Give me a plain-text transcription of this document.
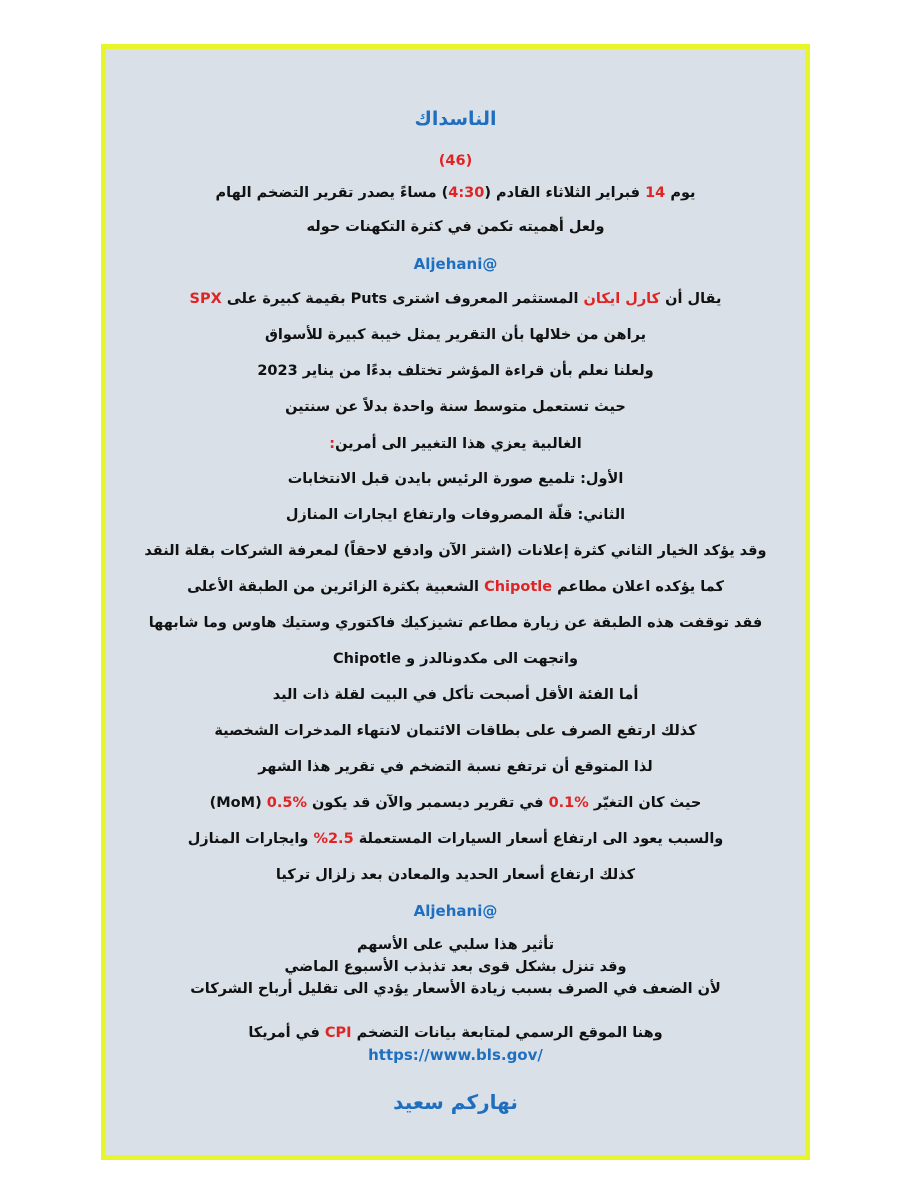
الناسداك
(46)
يوم 14 فبراير الثلاثاء القادم (4:30) مساءً يصدر تقرير التضخم الهام
ولعل أهميته تكمن في كثرة التكهنات حوله
@Aljehani
يقال أن كارل ايكان المستثمر المعروف اشترى Puts بقيمة كبيرة على SPX
يراهن من خلالها بأن التقرير يمثل خيبة كبيرة للأسواق
ولعلنا نعلم بأن قراءة المؤشر تختلف بدءًا من يناير 2023
حيث تستعمل متوسط سنة واحدة بدلاً عن سنتين
الغالبية يعزي هذا التغيير الى أمرين:
الأول: تلميع صورة الرئيس بايدن قبل الانتخابات
الثاني: قلّة المصروفات وارتفاع ايجارات المنازل
وقد يؤكد الخيار الثاني كثرة إعلانات (اشتر الآن وادفع لاحقاً) لمعرفة الشركات بقلة النقد
كما يؤكده اعلان مطاعم Chipotle الشعبية بكثرة الزائرين من الطبقة الأعلى
فقد توقفت هذه الطبقة عن زيارة مطاعم تشيزكيك فاكتوري وستيك هاوس وما شابهها
واتجهت الى مكدونالدز و Chipotle
أما الفئة الأقل أصبحت تأكل في البيت لقلة ذات اليد
كذلك ارتفع الصرف على بطاقات الائتمان لانتهاء المدخرات الشخصية
لذا المتوقع أن ترتفع نسبة التضخم في تقرير هذا الشهر
حيث كان التغيّر 0.1% في تقرير ديسمبر والآن قد يكون 0.5% (MoM)
والسبب يعود الى ارتفاع أسعار السيارات المستعملة %2.5 وايجارات المنازل
كذلك ارتفاع أسعار الحديد والمعادن بعد زلزال تركيا
@Aljehani
تأثير هذا سلبي على الأسهم
وقد تنزل بشكل قوى بعد تذبذب الأسبوع الماضي
لأن الضعف في الصرف بسبب زيادة الأسعار يؤدي الى تقليل أرباح الشركات
وهنا الموقع الرسمي لمتابعة بيانات التضخم CPI في أمريكا
https://www.bls.gov/
نهاركم سعيد
